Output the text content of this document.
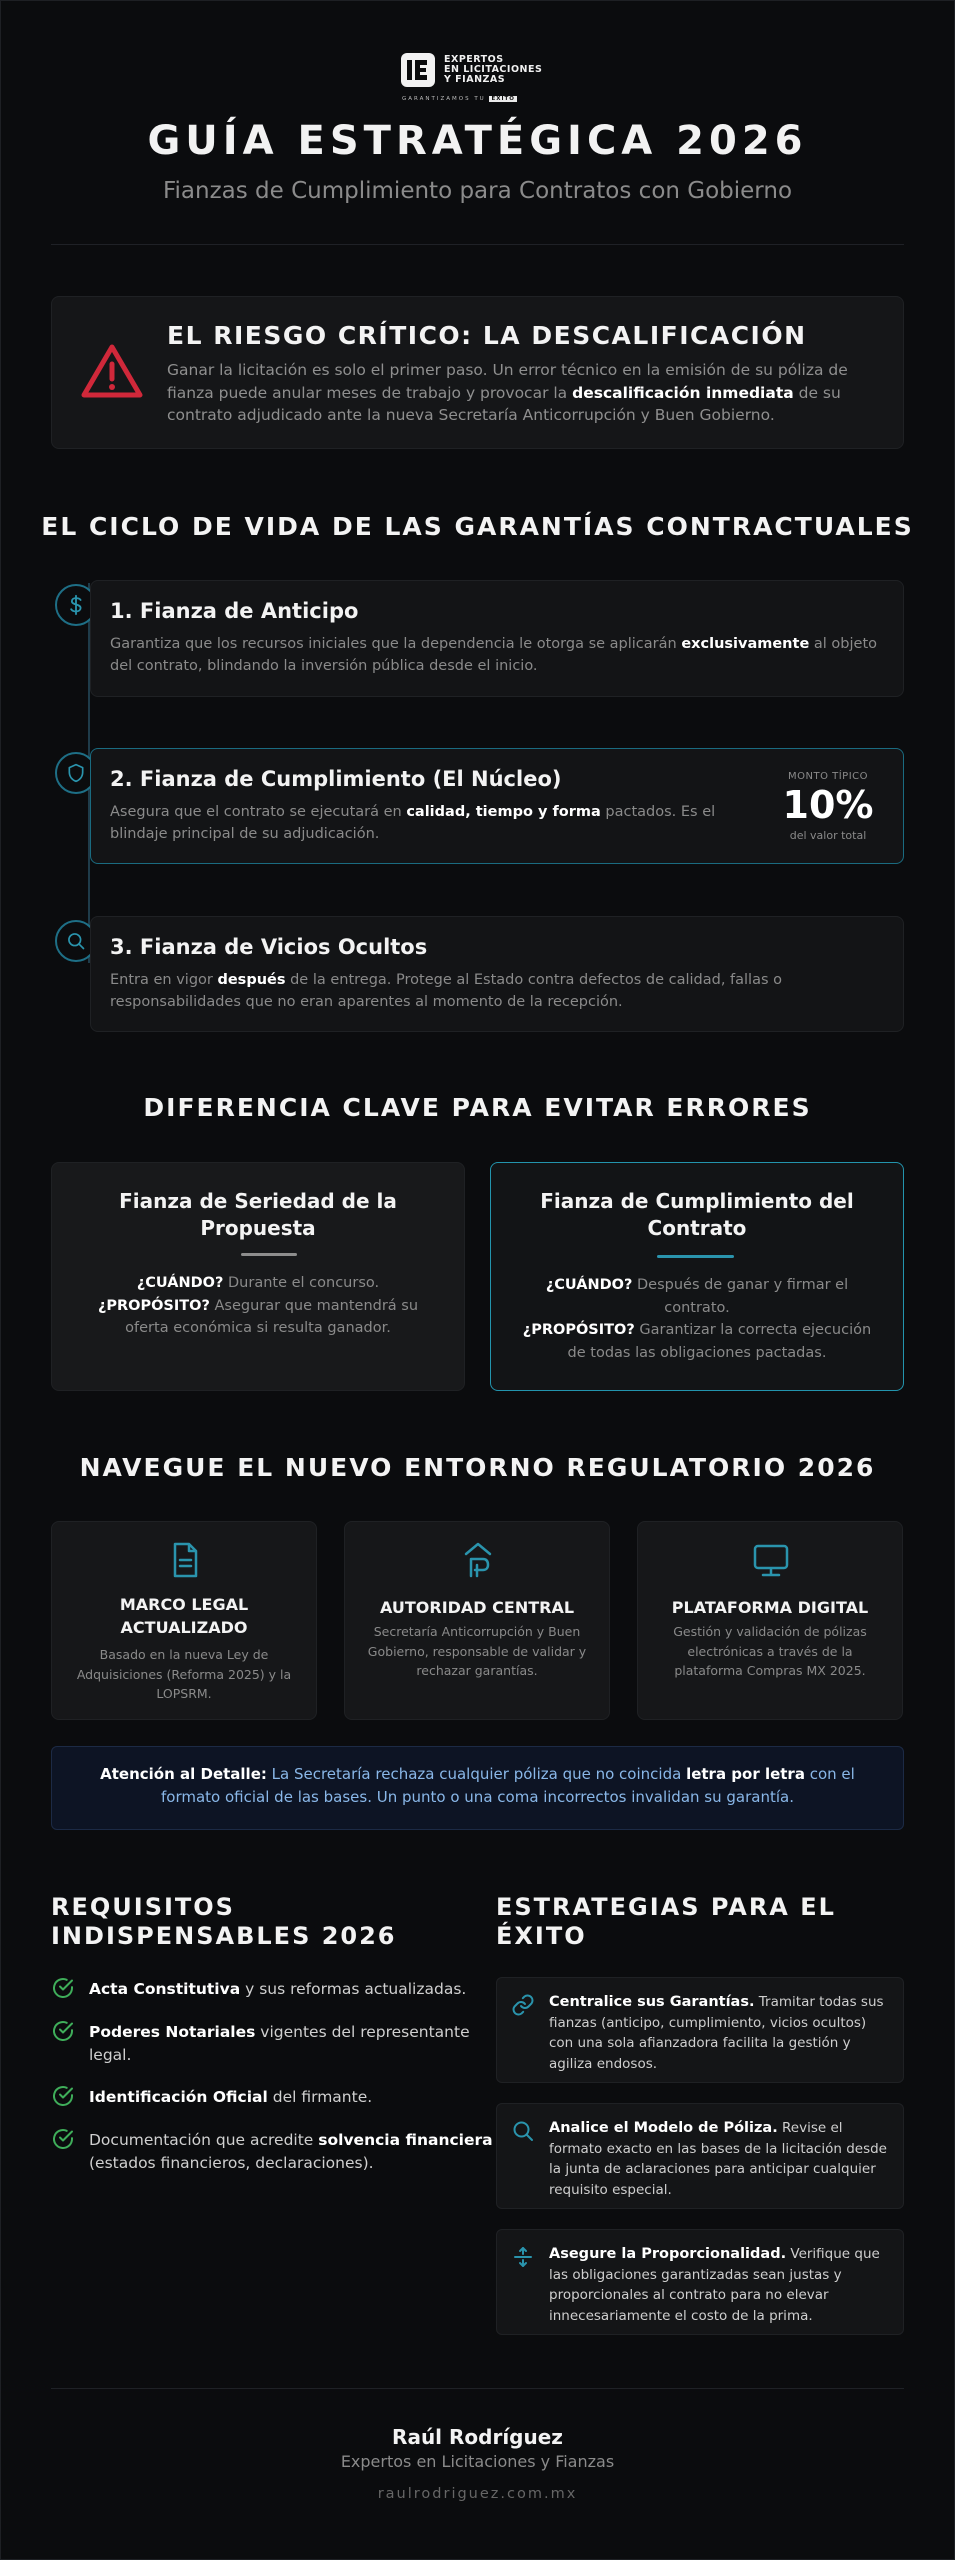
EXPERTOS
EN LICITACIONES
Y FIANZAS
GARANTIZAMOS TU ÉXITO
GUÍA ESTRATÉGICA 2026
Fianzas de Cumplimiento para Contratos con Gobierno
EL RIESGO CRÍTICO: LA DESCALIFICACIÓN
Ganar la licitación es solo el primer paso. Un error técnico en la emisión de su póliza de fianza puede anular meses de trabajo y provocar la descalificación inmediata de su contrato adjudicado ante la nueva Secretaría Anticorrupción y Buen Gobierno.
EL CICLO DE VIDA DE LAS GARANTÍAS CONTRACTUALES
1. Fianza de Anticipo
Garantiza que los recursos iniciales que la dependencia le otorga se aplicarán exclusivamente al objeto del contrato, blindando la inversión pública desde el inicio.
2. Fianza de Cumplimiento (El Núcleo)
Asegura que el contrato se ejecutará en calidad, tiempo y forma pactados. Es el blindaje principal de su adjudicación.
MONTO TÍPICO
10%
del valor total
3. Fianza de Vicios Ocultos
Entra en vigor después de la entrega. Protege al Estado contra defectos de calidad, fallas o responsabilidades que no eran aparentes al momento de la recepción.
DIFERENCIA CLAVE PARA EVITAR ERRORES
Fianza de Seriedad de la Propuesta
¿CUÁNDO? Durante el concurso.
¿PROPÓSITO? Asegurar que mantendrá su oferta económica si resulta ganador.
Fianza de Cumplimiento del Contrato
¿CUÁNDO? Después de ganar y firmar el contrato.
¿PROPÓSITO? Garantizar la correcta ejecución de todas las obligaciones pactadas.
NAVEGUE EL NUEVO ENTORNO REGULATORIO 2026
MARCO LEGAL ACTUALIZADO
Basado en la nueva Ley de Adquisiciones (Reforma 2025) y la LOPSRM.
AUTORIDAD CENTRAL
Secretaría Anticorrupción y Buen Gobierno, responsable de validar y rechazar garantías.
PLATAFORMA DIGITAL
Gestión y validación de pólizas electrónicas a través de la plataforma Compras MX 2025.
Atención al Detalle: La Secretaría rechaza cualquier póliza que no coincida letra por letra con el formato oficial de las bases. Un punto o una coma incorrectos invalidan su garantía.
REQUISITOS INDISPENSABLES 2026
Acta Constitutiva y sus reformas actualizadas.
Poderes Notariales vigentes del representante legal.
Identificación Oficial del firmante.
Documentación que acredite solvencia financiera (estados financieros, declaraciones).
ESTRATEGIAS PARA EL ÉXITO
Centralice sus Garantías. Tramitar todas sus fianzas (anticipo, cumplimiento, vicios ocultos) con una sola afianzadora facilita la gestión y agiliza endosos.
Analice el Modelo de Póliza. Revise el formato exacto en las bases de la licitación desde la junta de aclaraciones para anticipar cualquier requisito especial.
Asegure la Proporcionalidad. Verifique que las obligaciones garantizadas sean justas y proporcionales al contrato para no elevar innecesariamente el costo de la prima.
Raúl Rodríguez
Expertos en Licitaciones y Fianzas
raulrodriguez.com.mx
